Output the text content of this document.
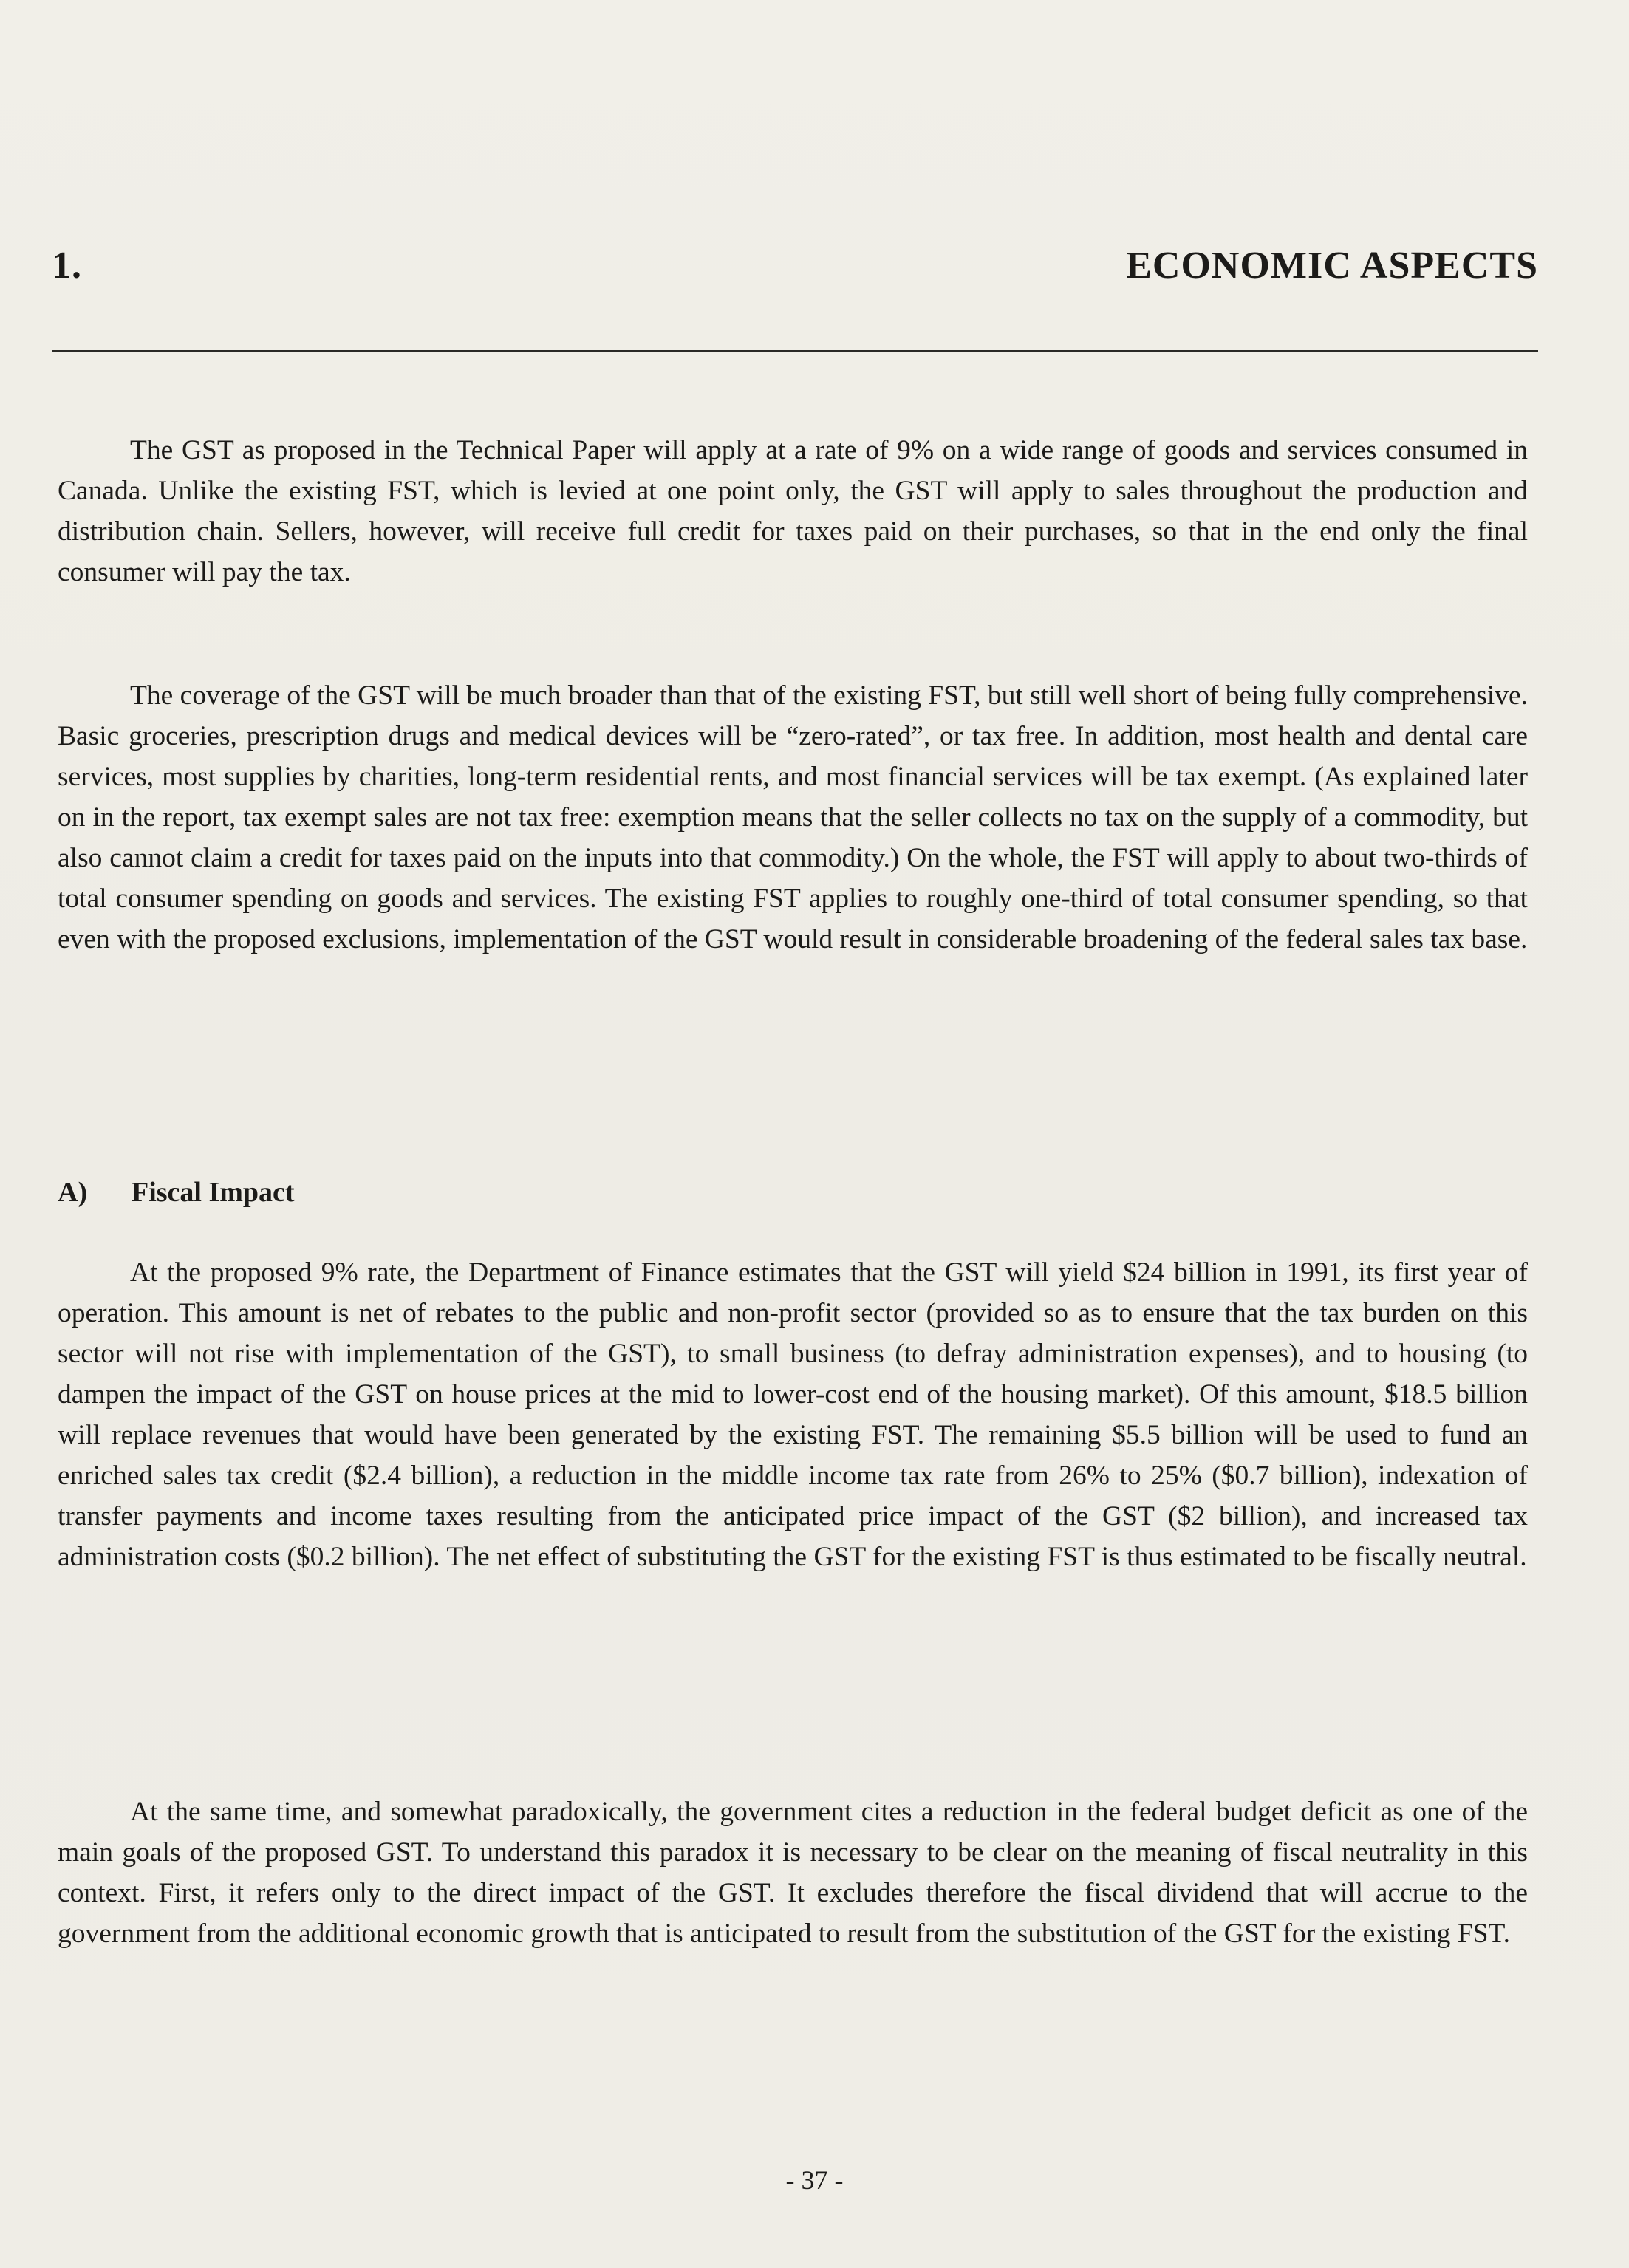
1.	ECONOMIC ASPECTS

The GST as proposed in the Technical Paper will apply at a rate of 9% on a wide range of goods and services consumed in Canada. Unlike the existing FST, which is levied at one point only, the GST will apply to sales throughout the production and distribution chain. Sellers, however, will receive full credit for taxes paid on their purchases, so that in the end only the final consumer will pay the tax.

The coverage of the GST will be much broader than that of the existing FST, but still well short of being fully comprehensive. Basic groceries, prescription drugs and medical devices will be “zero-rated”, or tax free. In addition, most health and dental care services, most supplies by charities, long-term residential rents, and most financial services will be tax exempt. (As explained later on in the report, tax exempt sales are not tax free: exemption means that the seller collects no tax on the supply of a commodity, but also cannot claim a credit for taxes paid on the inputs into that commodity.) On the whole, the FST will apply to about two-thirds of total consumer spending on goods and services. The existing FST applies to roughly one-third of total consumer spending, so that even with the proposed exclusions, implementation of the GST would result in considerable broadening of the federal sales tax base.

A) Fiscal Impact

At the proposed 9% rate, the Department of Finance estimates that the GST will yield $24 billion in 1991, its first year of operation. This amount is net of rebates to the public and non-profit sector (provided so as to ensure that the tax burden on this sector will not rise with implementation of the GST), to small business (to defray administration expenses), and to housing (to dampen the impact of the GST on house prices at the mid to lower-cost end of the housing market). Of this amount, $18.5 billion will replace revenues that would have been generated by the existing FST. The remaining $5.5 billion will be used to fund an enriched sales tax credit ($2.4 billion), a reduction in the middle income tax rate from 26% to 25% ($0.7 billion), indexation of transfer payments and income taxes resulting from the anticipated price impact of the GST ($2 billion), and increased tax administration costs ($0.2 billion). The net effect of substituting the GST for the existing FST is thus estimated to be fiscally neutral.

At the same time, and somewhat paradoxically, the government cites a reduction in the federal budget deficit as one of the main goals of the proposed GST. To understand this paradox it is necessary to be clear on the meaning of fiscal neutrality in this context. First, it refers only to the direct impact of the GST. It excludes therefore the fiscal dividend that will accrue to the government from the additional economic growth that is anticipated to result from the substitution of the GST for the existing FST.

- 37 -
